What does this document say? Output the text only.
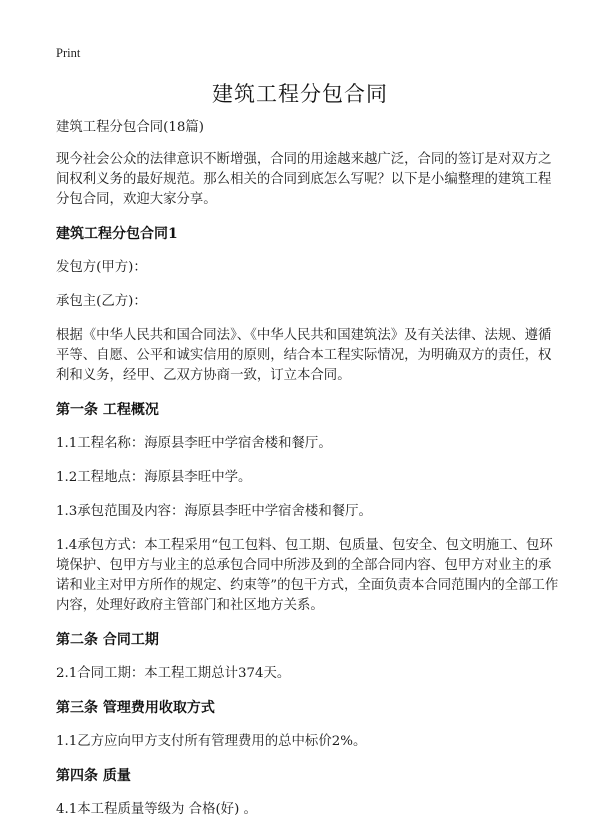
Print
建筑工程分包合同

建筑工程分包合同(18篇)

现今社会公众的法律意识不断增强，合同的用途越来越广泛，合同的签订是对双方之间权利义务的最好规范。那么相关的合同到底怎么写呢？以下是小编整理的建筑工程分包合同，欢迎大家分享。

建筑工程分包合同1

发包方(甲方)：

承包主(乙方)：

根据《中华人民共和国合同法》、《中华人民共和国建筑法》及有关法律、法规、遵循平等、自愿、公平和诚实信用的原则，结合本工程实际情况，为明确双方的责任，权利和义务，经甲、乙双方协商一致，订立本合同。

第一条 工程概况

1.1工程名称：海原县李旺中学宿舍楼和餐厅。

1.2工程地点：海原县李旺中学。

1.3承包范围及内容：海原县李旺中学宿舍楼和餐厅。

1.4承包方式：本工程采用“包工包料、包工期、包质量、包安全、包文明施工、包环境保护、包甲方与业主的总承包合同中所涉及到的全部合同内容、包甲方对业主的承诺和业主对甲方所作的规定、约束等”的包干方式，全面负责本合同范围内的全部工作内容，处理好政府主管部门和社区地方关系。

第二条 合同工期

2.1合同工期：本工程工期总计374天。

第三条 管理费用收取方式

1.1乙方应向甲方支付所有管理费用的总中标价2%。

第四条 质量

4.1本工程质量等级为 合格(好) 。
